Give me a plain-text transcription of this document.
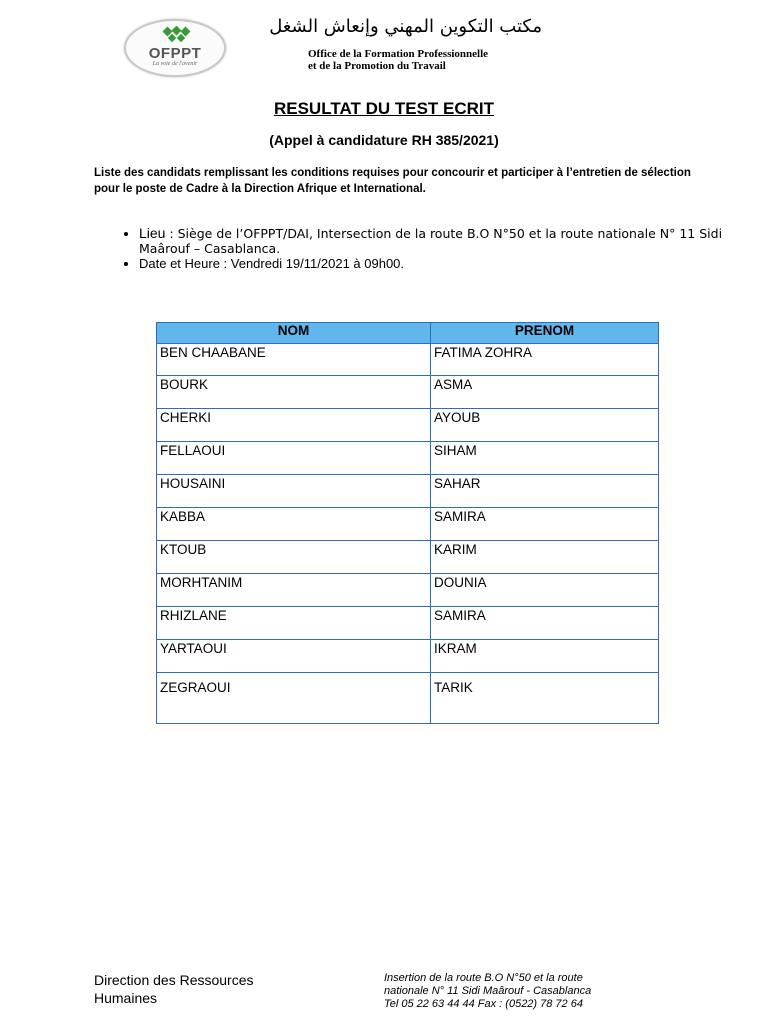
OFPPT
La voie de l'avenir
مكتب التكوين المهني وإنعاش الشغل
Office de la Formation Professionnelle
et de la Promotion du Travail
RESULTAT DU TEST ECRIT
(Appel à candidature RH 385/2021)
Liste des candidats remplissant les conditions requises pour concourir et participer à l’entretien de sélection pour le poste de Cadre à la Direction Afrique et International.
• Lieu : Siège de l’OFPPT/DAI, Intersection de la route B.O N°50 et la route nationale N° 11 Sidi Maârouf – Casablanca.
• Date et Heure : Vendredi 19/11/2021 à 09h00.
NOM	PRENOM
BEN CHAABANE	FATIMA ZOHRA
BOURK	ASMA
CHERKI	AYOUB
FELLAOUI	SIHAM
HOUSAINI	SAHAR
KABBA	SAMIRA
KTOUB	KARIM
MORHTANIM	DOUNIA
RHIZLANE	SAMIRA
YARTAOUI	IKRAM
ZEGRAOUI	TARIK
Direction des Ressources
Humaines
Insertion de la route B.O N°50 et la route
nationale N° 11 Sidi Maârouf - Casablanca
Tel 05 22 63 44 44 Fax : (0522) 78 72 64
